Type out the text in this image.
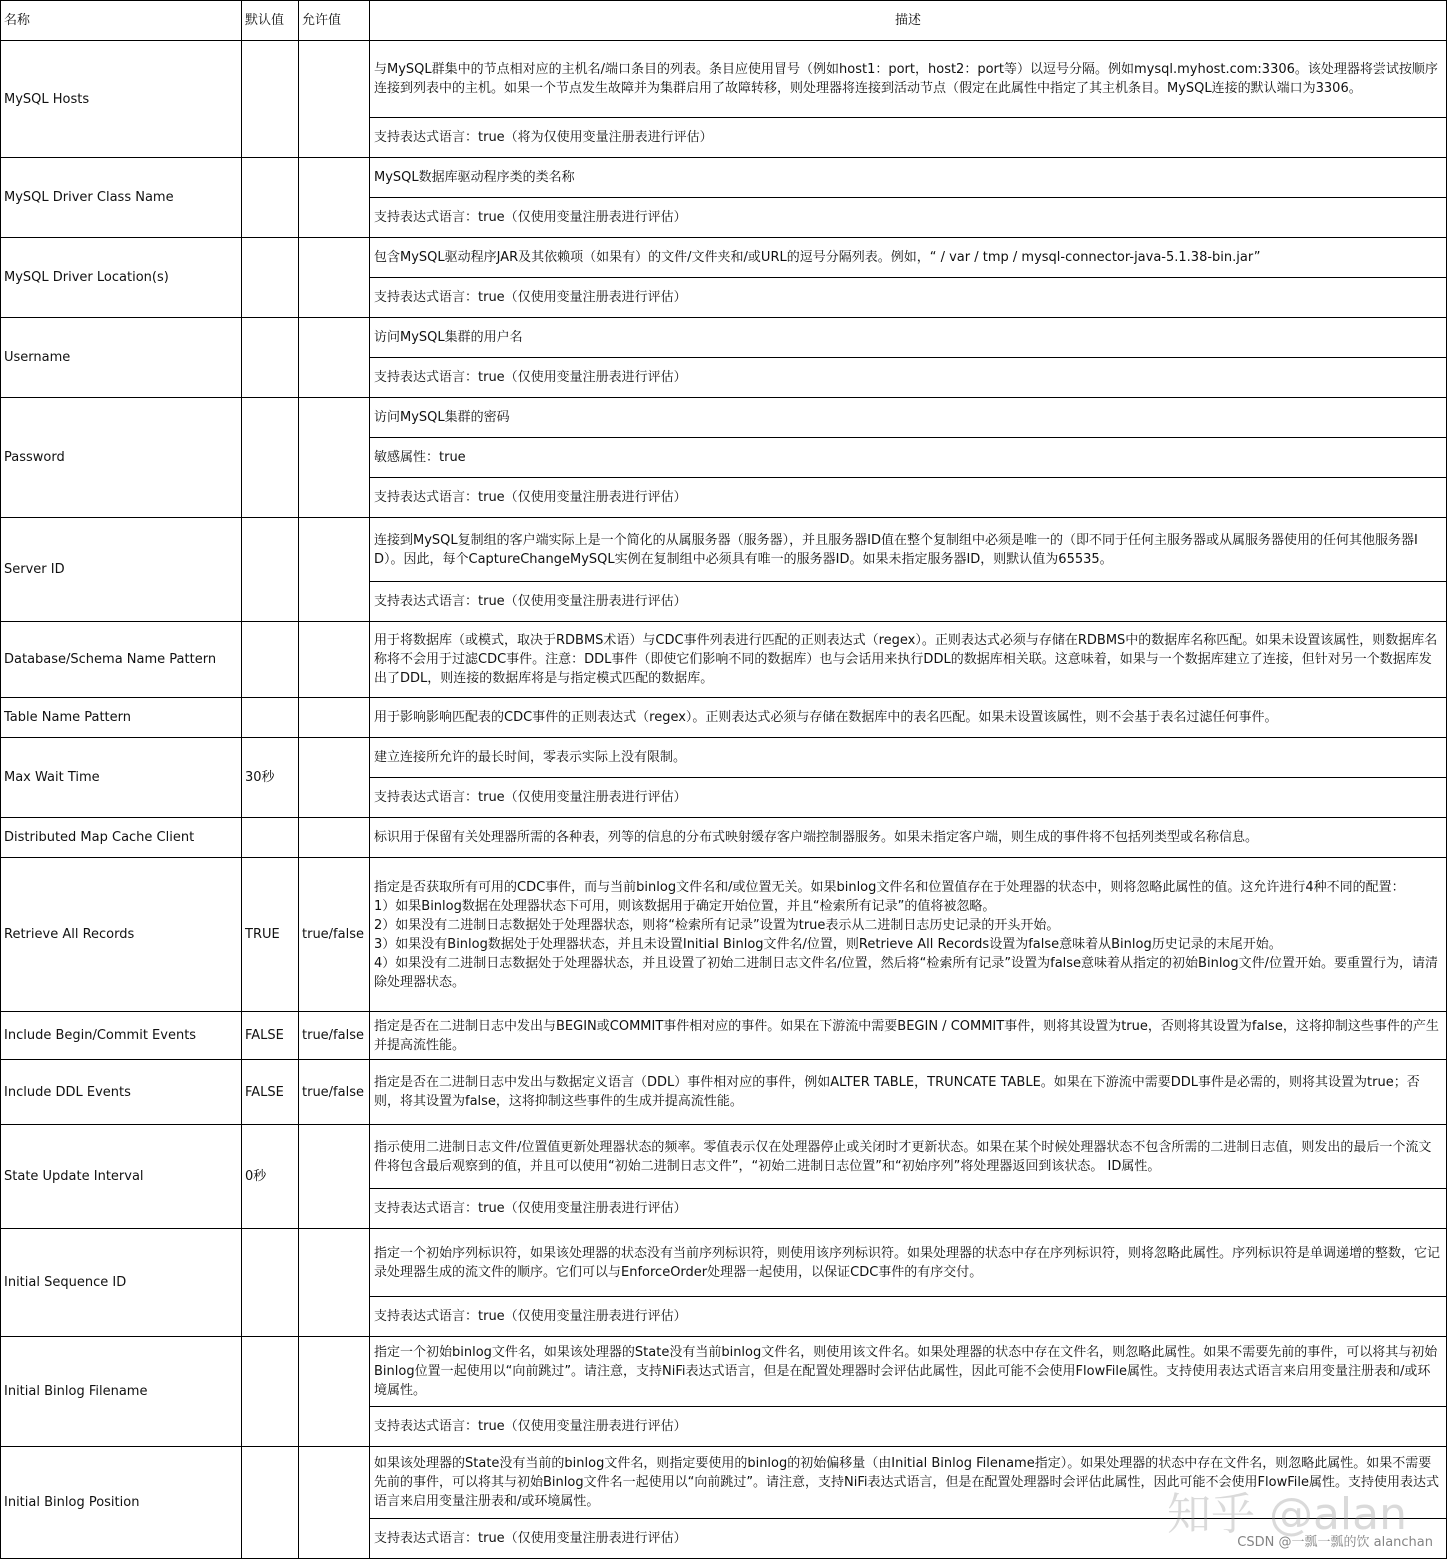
名称	默认值	允许值	描述
MySQL Hosts			与MySQL群集中的节点相对应的主机名/端口条目的列表。条目应使用冒号（例如host1：port，host2：port等）以逗号分隔。例如mysql.myhost.com:3306。该处理器将尝试按顺序连接到列表中的主机。如果一个节点发生故障并为集群启用了故障转移，则处理器将连接到活动节点（假定在此属性中指定了其主机条目。MySQL连接的默认端口为3306。
			支持表达式语言：true（将为仅使用变量注册表进行评估）
MySQL Driver Class Name			MySQL数据库驱动程序类的类名称
			支持表达式语言：true（仅使用变量注册表进行评估）
MySQL Driver Location(s)			包含MySQL驱动程序JAR及其依赖项（如果有）的文件/文件夹和/或URL的逗号分隔列表。例如，“ / var / tmp / mysql-connector-java-5.1.38-bin.jar”
			支持表达式语言：true（仅使用变量注册表进行评估）
Username			访问MySQL集群的用户名
			支持表达式语言：true（仅使用变量注册表进行评估）
Password			访问MySQL集群的密码
			敏感属性：true
			支持表达式语言：true（仅使用变量注册表进行评估）
Server ID			连接到MySQL复制组的客户端实际上是一个简化的从属服务器（服务器），并且服务器ID值在整个复制组中必须是唯一的（即不同于任何主服务器或从属服务器使用的任何其他服务器ID）。因此，每个CaptureChangeMySQL实例在复制组中必须具有唯一的服务器ID。如果未指定服务器ID，则默认值为65535。
			支持表达式语言：true（仅使用变量注册表进行评估）
Database/Schema Name Pattern			用于将数据库（或模式，取决于RDBMS术语）与CDC事件列表进行匹配的正则表达式（regex）。正则表达式必须与存储在RDBMS中的数据库名称匹配。如果未设置该属性，则数据库名称将不会用于过滤CDC事件。注意：DDL事件（即使它们影响不同的数据库）也与会话用来执行DDL的数据库相关联。这意味着，如果与一个数据库建立了连接，但针对另一个数据库发出了DDL，则连接的数据库将是与指定模式匹配的数据库。
Table Name Pattern			用于影响影响匹配表的CDC事件的正则表达式（regex）。正则表达式必须与存储在数据库中的表名匹配。如果未设置该属性，则不会基于表名过滤任何事件。
Max Wait Time	30秒		建立连接所允许的最长时间，零表示实际上没有限制。
			支持表达式语言：true（仅使用变量注册表进行评估）
Distributed Map Cache Client			标识用于保留有关处理器所需的各种表，列等的信息的分布式映射缓存客户端控制器服务。如果未指定客户端，则生成的事件将不包括列类型或名称信息。
Retrieve All Records	TRUE	true/false	指定是否获取所有可用的CDC事件，而与当前binlog文件名和/或位置无关。如果binlog文件名和位置值存在于处理器的状态中，则将忽略此属性的值。这允许进行4种不同的配置：
1）如果Binlog数据在处理器状态下可用，则该数据用于确定开始位置，并且“检索所有记录”的值将被忽略。
2）如果没有二进制日志数据处于处理器状态，则将“检索所有记录”设置为true表示从二进制日志历史记录的开头开始。
3）如果没有Binlog数据处于处理器状态，并且未设置Initial Binlog文件名/位置，则Retrieve All Records设置为false意味着从Binlog历史记录的末尾开始。
4）如果没有二进制日志数据处于处理器状态，并且设置了初始二进制日志文件名/位置，然后将“检索所有记录”设置为false意味着从指定的初始Binlog文件/位置开始。要重置行为，请清除处理器状态。
Include Begin/Commit Events	FALSE	true/false	指定是否在二进制日志中发出与BEGIN或COMMIT事件相对应的事件。如果在下游流中需要BEGIN / COMMIT事件，则将其设置为true，否则将其设置为false，这将抑制这些事件的产生并提高流性能。
Include DDL Events	FALSE	true/false	指定是否在二进制日志中发出与数据定义语言（DDL）事件相对应的事件，例如ALTER TABLE，TRUNCATE TABLE。如果在下游流中需要DDL事件是必需的，则将其设置为true；否则，将其设置为false，这将抑制这些事件的生成并提高流性能。
State Update Interval	0秒		指示使用二进制日志文件/位置值更新处理器状态的频率。零值表示仅在处理器停止或关闭时才更新状态。如果在某个时候处理器状态不包含所需的二进制日志值，则发出的最后一个流文件将包含最后观察到的值，并且可以使用“初始二进制日志文件”，“初始二进制日志位置”和“初始序列”将处理器返回到该状态。 ID属性。
			支持表达式语言：true（仅使用变量注册表进行评估）
Initial Sequence ID			指定一个初始序列标识符，如果该处理器的状态没有当前序列标识符，则使用该序列标识符。如果处理器的状态中存在序列标识符，则将忽略此属性。序列标识符是单调递增的整数，它记录处理器生成的流文件的顺序。它们可以与EnforceOrder处理器一起使用，以保证CDC事件的有序交付。
			支持表达式语言：true（仅使用变量注册表进行评估）
Initial Binlog Filename			指定一个初始binlog文件名，如果该处理器的State没有当前binlog文件名，则使用该文件名。如果处理器的状态中存在文件名，则忽略此属性。如果不需要先前的事件，可以将其与初始Binlog位置一起使用以“向前跳过”。请注意，支持NiFi表达式语言，但是在配置处理器时会评估此属性，因此可能不会使用FlowFile属性。支持使用表达式语言来启用变量注册表和/或环境属性。
			支持表达式语言：true（仅使用变量注册表进行评估）
Initial Binlog Position			如果该处理器的State没有当前的binlog文件名，则指定要使用的binlog的初始偏移量（由Initial Binlog Filename指定）。如果处理器的状态中存在文件名，则忽略此属性。如果不需要先前的事件，可以将其与初始Binlog文件名一起使用以“向前跳过”。请注意，支持NiFi表达式语言，但是在配置处理器时会评估此属性，因此可能不会使用FlowFile属性。支持使用表达式语言来启用变量注册表和/或环境属性。
			支持表达式语言：true（仅使用变量注册表进行评估）	知乎 @alan
CSDN @一瓢一瓢的饮 alanchan
